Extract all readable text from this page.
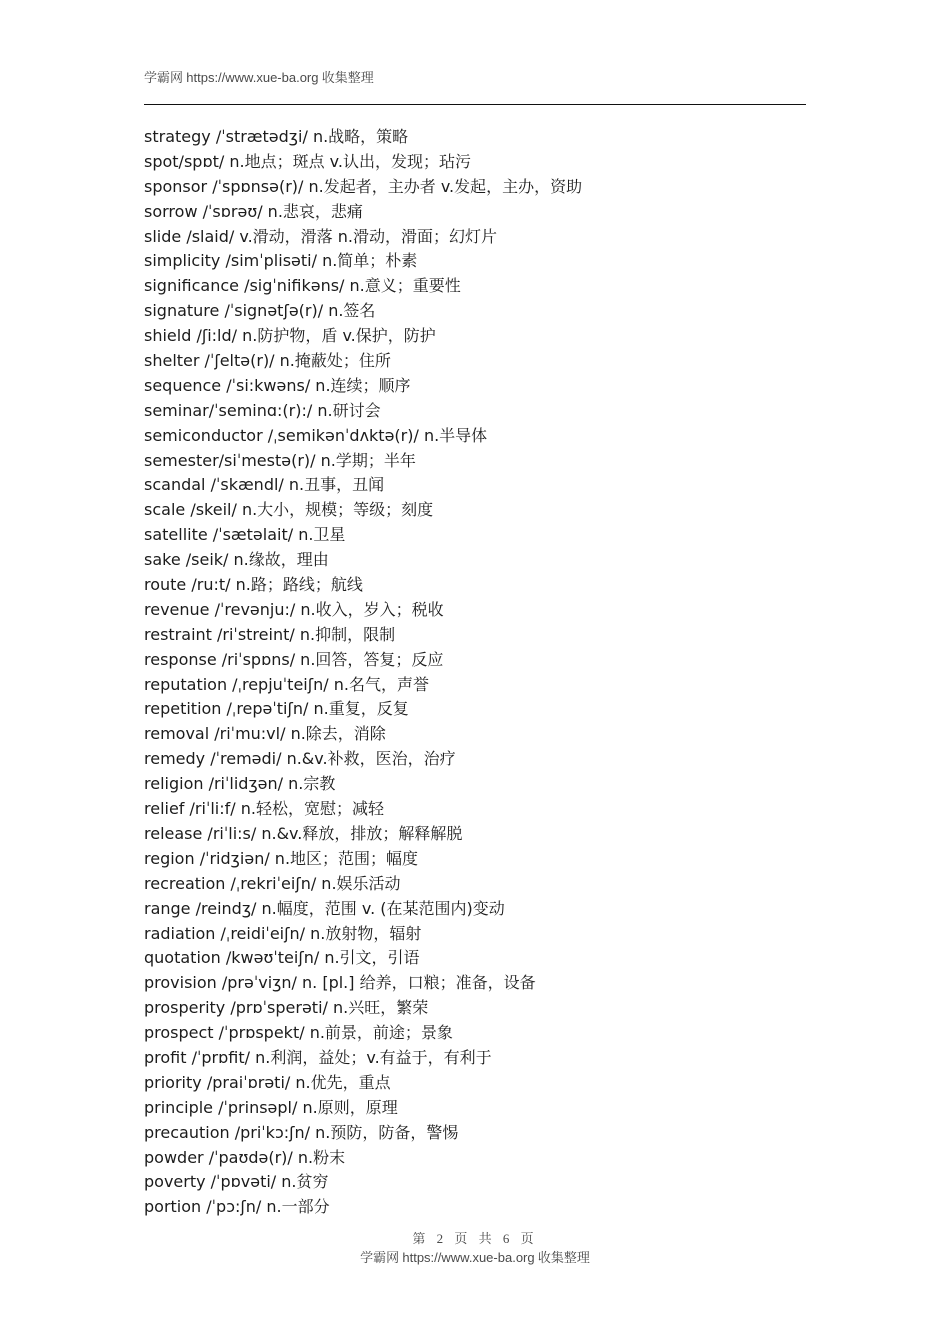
学霸网 https://www.xue-ba.org 收集整理
strategy /ˈstrætədʒi/ n.战略，策略
spot/spɒt/ n.地点；斑点 v.认出，发现；玷污
sponsor /ˈspɒnsə(r)/ n.发起者，主办者 v.发起，主办，资助
sorrow /ˈsɒrəʊ/ n.悲哀，悲痛
slide /slaid/ v.滑动，滑落 n.滑动，滑面；幻灯片
simplicity /simˈplisəti/ n.简单；朴素
significance /sigˈnifikəns/ n.意义；重要性
signature /ˈsignətʃə(r)/ n.签名
shield /ʃi:ld/ n.防护物，盾 v.保护，防护
shelter /ˈʃeltə(r)/ n.掩蔽处；住所
sequence /ˈsi:kwəns/ n.连续；顺序
seminar/ˈseminɑ:(r):/ n.研讨会
semiconductor /ˌsemikənˈdʌktə(r)/ n.半导体
semester/siˈmestə(r)/ n.学期；半年
scandal /ˈskændl/ n.丑事，丑闻
scale /skeil/ n.大小，规模；等级；刻度
satellite /ˈsætəlait/ n.卫星
sake /seik/ n.缘故，理由
route /ru:t/ n.路；路线；航线
revenue /ˈrevənju:/ n.收入，岁入；税收
restraint /riˈstreint/ n.抑制，限制
response /riˈspɒns/ n.回答，答复；反应
reputation /ˌrepjuˈteiʃn/ n.名气，声誉
repetition /ˌrepəˈtiʃn/ n.重复，反复
removal /riˈmu:vl/ n.除去，消除
remedy /ˈremədi/ n.&v.补救，医治，治疗
religion /riˈlidʒən/ n.宗教
relief /riˈli:f/ n.轻松，宽慰；减轻
release /riˈli:s/ n.&v.释放，排放；解释解脱
region /ˈridʒiən/ n.地区；范围；幅度
recreation /ˌrekriˈeiʃn/ n.娱乐活动
range /reindʒ/ n.幅度，范围 v. (在某范围内)变动
radiation /ˌreidiˈeiʃn/ n.放射物，辐射
quotation /kwəʊˈteiʃn/ n.引文，引语
provision /prəˈviʒn/ n. [pl.] 给养，口粮；准备，设备
prosperity /prɒˈsperəti/ n.兴旺，繁荣
prospect /ˈprɒspekt/ n.前景，前途；景象
profit /ˈprɒfit/ n.利润，益处；v.有益于，有利于
priority /praiˈɒrəti/ n.优先，重点
principle /ˈprinsəpl/ n.原则，原理
precaution /priˈkɔ:ʃn/ n.预防，防备，警惕
powder /ˈpaʊdə(r)/ n.粉末
poverty /ˈpɒvəti/ n.贫穷
portion /ˈpɔ:ʃn/ n.一部分
第 2 页 共 6 页
学霸网 https://www.xue-ba.org 收集整理
